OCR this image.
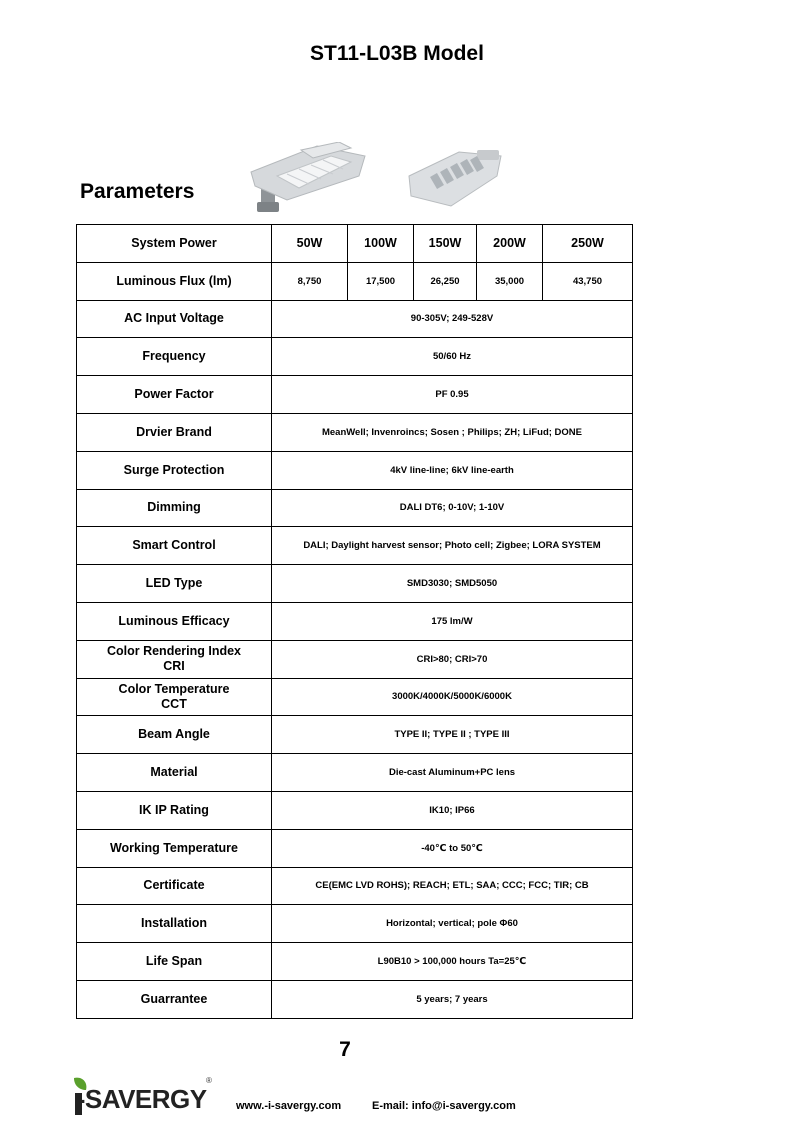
ST11-L03B Model
Parameters
System Power	50W	100W	150W	200W	250W
Luminous Flux (lm)	8,750	17,500	26,250	35,000	43,750
AC Input Voltage	90-305V; 249-528V				
Frequency	50/60 Hz				
Power Factor	PF 0.95				
Drvier Brand	MeanWell; Invenroincs; Sosen ; Philips; ZH; LiFud; DONE				
Surge Protection	4kV line-line; 6kV line-earth				
Dimming	DALI DT6; 0-10V; 1-10V				
Smart Control	DALI; Daylight harvest sensor; Photo cell; Zigbee; LORA SYSTEM				
LED Type	SMD3030; SMD5050				
Luminous Efficacy	175 lm/W				
Color Rendering Index
CRI	CRI>80; CRI>70				
Color Temperature
CCT	3000K/4000K/5000K/6000K				
Beam Angle	TYPE II; TYPE II ; TYPE III				
Material	Die-cast Aluminum+PC lens				
IK IP Rating	IK10; IP66				
Working Temperature	-40℃ to 50℃				
Certificate	CE(EMC LVD ROHS); REACH; ETL; SAA; CCC; FCC; TIR; CB				
Installation	Horizontal; vertical; pole Φ60				
Life Span	L90B10 > 100,000 hours Ta=25℃				
Guarrantee	5 years; 7 years				
7
-SAVERGY
®
www.-i-savergy.com	E-mail: info@i-savergy.com
